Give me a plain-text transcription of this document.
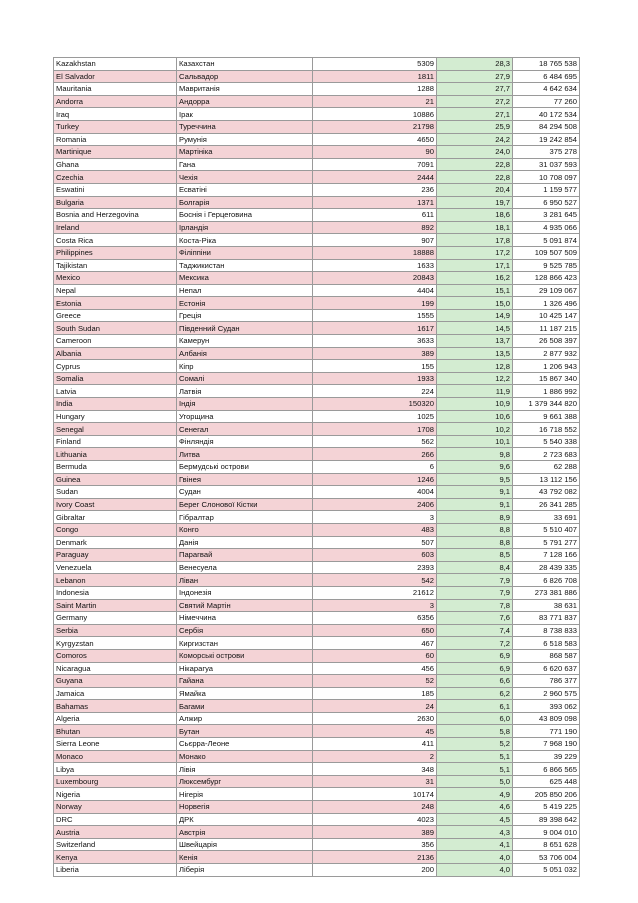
Kazakhstan	Казахстан	5309	28,3	18 765 538
El Salvador	Сальвадор	1811	27,9	6 484 695
Mauritania	Мавританія	1288	27,7	4 642 634
Andorra	Андорра	21	27,2	77 260
Iraq	Ірак	10886	27,1	40 172 534
Turkey	Туреччина	21798	25,9	84 294 508
Romania	Румунія	4650	24,2	19 242 854
Martinique	Мартініка	90	24,0	375 278
Ghana	Гана	7091	22,8	31 037 593
Czechia	Чехія	2444	22,8	10 708 097
Eswatini	Есватіні	236	20,4	1 159 577
Bulgaria	Болгарія	1371	19,7	6 950 527
Bosnia and Herzegovina	Боснія і Герцеговина	611	18,6	3 281 645
Ireland	Ірландія	892	18,1	4 935 066
Costa Rica	Коста-Ріка	907	17,8	5 091 874
Philippines	Філіппіни	18888	17,2	109 507 509
Tajikistan	Таджикистан	1633	17,1	9 525 785
Mexico	Мексика	20843	16,2	128 866 423
Nepal	Непал	4404	15,1	29 109 067
Estonia	Естонія	199	15,0	1 326 496
Greece	Греція	1555	14,9	10 425 147
South Sudan	Південний Судан	1617	14,5	11 187 215
Cameroon	Камерун	3633	13,7	26 508 397
Albania	Албанія	389	13,5	2 877 932
Cyprus	Кіпр	155	12,8	1 206 943
Somalia	Сомалі	1933	12,2	15 867 340
Latvia	Латвія	224	11,9	1 886 992
India	Індія	150320	10,9	1 379 344 820
Hungary	Угорщина	1025	10,6	9 661 388
Senegal	Сенегал	1708	10,2	16 718 552
Finland	Фінляндія	562	10,1	5 540 338
Lithuania	Литва	266	9,8	2 723 683
Bermuda	Бермудські острови	6	9,6	62 288
Guinea	Гвінея	1246	9,5	13 112 156
Sudan	Судан	4004	9,1	43 792 082
Ivory Coast	Берег Слонової Кістки	2406	9,1	26 341 285
Gibraltar	Гібралтар	3	8,9	33 691
Congo	Конго	483	8,8	5 510 407
Denmark	Данія	507	8,8	5 791 277
Paraguay	Парагвай	603	8,5	7 128 166
Venezuela	Венесуела	2393	8,4	28 439 335
Lebanon	Ліван	542	7,9	6 826 708
Indonesia	Індонезія	21612	7,9	273 381 886
Saint Martin	Святий Мартін	3	7,8	38 631
Germany	Німеччина	6356	7,6	83 771 837
Serbia	Сербія	650	7,4	8 738 833
Kyrgyzstan	Киргизстан	467	7,2	6 518 583
Comoros	Коморські острови	60	6,9	868 587
Nicaragua	Нікарагуа	456	6,9	6 620 637
Guyana	Гайана	52	6,6	786 377
Jamaica	Ямайка	185	6,2	2 960 575
Bahamas	Багами	24	6,1	393 062
Algeria	Алжир	2630	6,0	43 809 098
Bhutan	Бутан	45	5,8	771 190
Sierra Leone	Сьєрра-Леоне	411	5,2	7 968 190
Monaco	Монако	2	5,1	39 229
Libya	Лівія	348	5,1	6 866 565
Luxembourg	Люксембург	31	5,0	625 448
Nigeria	Нігерія	10174	4,9	205 850 206
Norway	Норвегія	248	4,6	5 419 225
DRC	ДРК	4023	4,5	89 398 642
Austria	Австрія	389	4,3	9 004 010
Switzerland	Швейцарія	356	4,1	8 651 628
Kenya	Кенія	2136	4,0	53 706 004
Liberia	Ліберія	200	4,0	5 051 032
